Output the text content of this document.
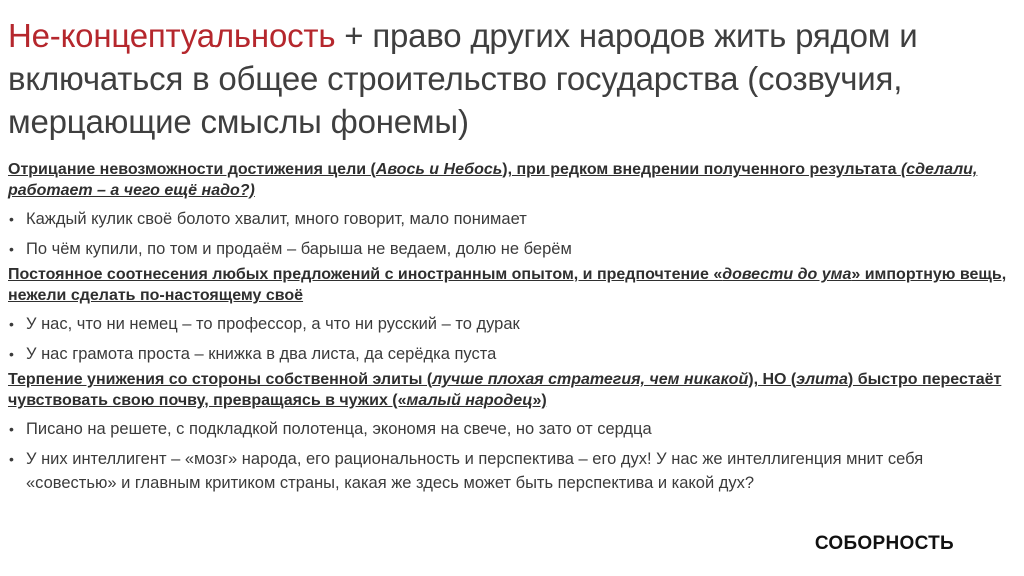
Не-концептуальность + право других народов жить рядом и включаться в общее строительство государства (созвучия, мерцающие смыслы фонемы)

Отрицание невозможности достижения цели (Авось и Небось), при редком внедрении полученного результата (сделали, работает – а чего ещё надо?)

• Каждый кулик своё болото хвалит, много говорит, мало понимает
• По чём купили, по том и продаём – барыша не ведаем, долю не берём

Постоянное соотнесения любых предложений с иностранным опытом, и предпочтение «довести до ума» импортную вещь, нежели сделать по-настоящему своё

• У нас, что ни немец – то профессор, а что ни русский – то дурак
• У нас грамота проста – книжка в два листа, да серёдка пуста

Терпение унижения со стороны собственной элиты (лучше плохая стратегия, чем никакой), НО (элита) быстро перестаёт чувствовать свою почву, превращаясь в чужих («малый народец»)

• Писано на решете, с подкладкой полотенца, экономя на свече, но зато от сердца
• У них интеллигент – «мозг» народа, его рациональность и перспектива – его дух! У нас же интеллигенция мнит себя «совестью» и главным критиком страны, какая же здесь может быть перспектива и какой дух?
СОБОРНОСТЬ
